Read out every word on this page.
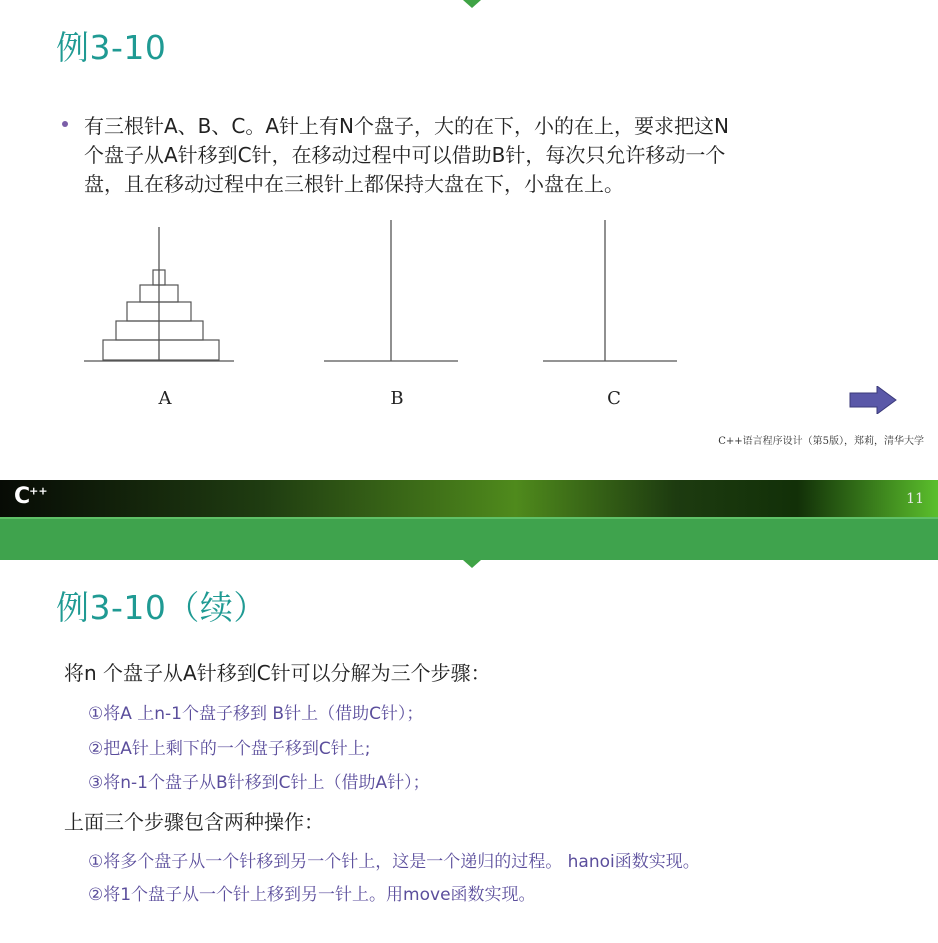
例3-10
有三根针A、B、C。A针上有N个盘子，大的在下，小的在上，要求把这N
个盘子从A针移到C针，在移动过程中可以借助B针，每次只允许移动一个
盘，且在移动过程中在三根针上都保持大盘在下，小盘在上。
A	B	C
C++语言程序设计（第5版），郑莉，清华大学
C++	11
例3-10（续）
将n 个盘子从A针移到C针可以分解为三个步骤：
①将A 上n-1个盘子移到 B针上（借助C针）；
②把A针上剩下的一个盘子移到C针上;
③将n-1个盘子从B针移到C针上（借助A针）；
上面三个步骤包含两种操作：
①将多个盘子从一个针移到另一个针上，这是一个递归的过程。 hanoi函数实现。
②将1个盘子从一个针上移到另一针上。用move函数实现。
